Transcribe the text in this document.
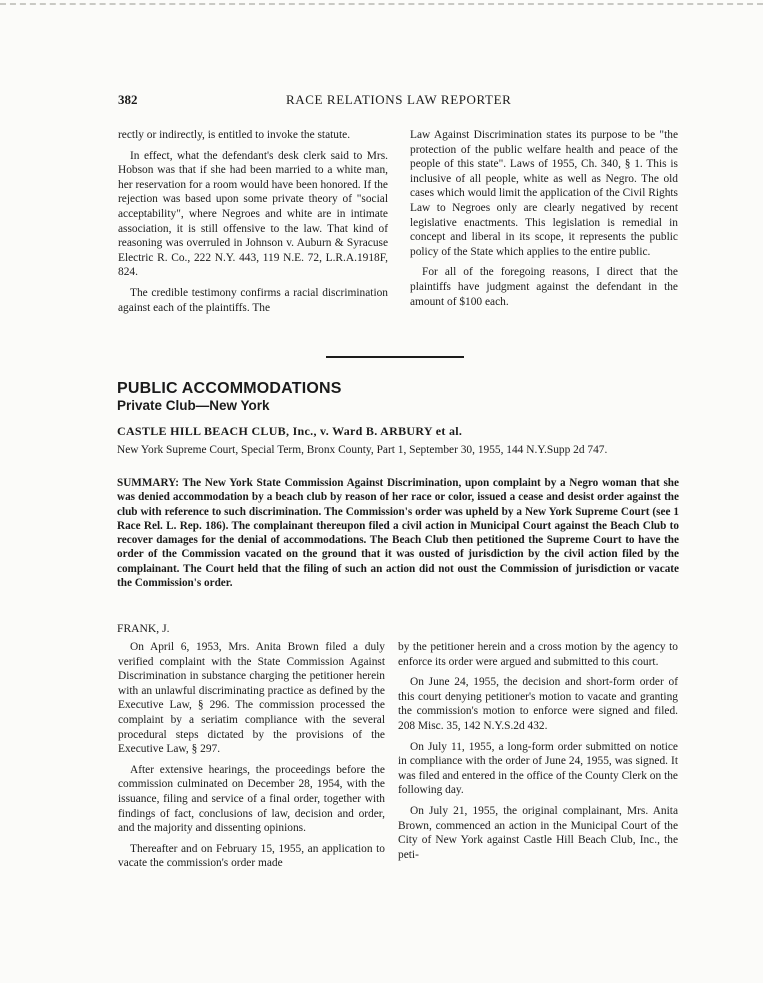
382	RACE RELATIONS LAW REPORTER

rectly or indirectly, is entitled to invoke the statute.

In effect, what the defendant's desk clerk said to Mrs. Hobson was that if she had been married to a white man, her reservation for a room would have been honored. If the rejection was based upon some private theory of "social acceptability", where Negroes and white are in intimate association, it is still offensive to the law. That kind of reasoning was overruled in Johnson v. Auburn & Syracuse Electric R. Co., 222 N.Y. 443, 119 N.E. 72, L.R.A.1918F, 824.

The credible testimony confirms a racial discrimination against each of the plaintiffs. The

Law Against Discrimination states its purpose to be "the protection of the public welfare health and peace of the people of this state". Laws of 1955, Ch. 340, § 1. This is inclusive of all people, white as well as Negro. The old cases which would limit the application of the Civil Rights Law to Negroes only are clearly negatived by recent legislative enactments. This legislation is remedial in concept and liberal in its scope, it represents the public policy of the State which applies to the entire public.

For all of the foregoing reasons, I direct that the plaintiffs have judgment against the defendant in the amount of $100 each.

PUBLIC ACCOMMODATIONS
Private Club—New York
CASTLE HILL BEACH CLUB, Inc., v. Ward B. ARBURY et al.
New York Supreme Court, Special Term, Bronx County, Part 1, September 30, 1955, 144 N.Y.Supp 2d 747.
SUMMARY: The New York State Commission Against Discrimination, upon complaint by a Negro woman that she was denied accommodation by a beach club by reason of her race or color, issued a cease and desist order against the club with reference to such discrimination. The Commission's order was upheld by a New York Supreme Court (see 1 Race Rel. L. Rep. 186). The complainant thereupon filed a civil action in Municipal Court against the Beach Club to recover damages for the denial of accommodations. The Beach Club then petitioned the Supreme Court to have the order of the Commission vacated on the ground that it was ousted of jurisdiction by the civil action filed by the complainant. The Court held that the filing of such an action did not oust the Commission of jurisdiction or vacate the Commission's order.
FRANK, J.

On April 6, 1953, Mrs. Anita Brown filed a duly verified complaint with the State Commission Against Discrimination in substance charging the petitioner herein with an unlawful discriminating practice as defined by the Executive Law, § 296. The commission processed the complaint by a seriatim compliance with the several procedural steps dictated by the provisions of the Executive Law, § 297.

After extensive hearings, the proceedings before the commission culminated on December 28, 1954, with the issuance, filing and service of a final order, together with findings of fact, conclusions of law, decision and order, and the majority and dissenting opinions.

Thereafter and on February 15, 1955, an application to vacate the commission's order made

by the petitioner herein and a cross motion by the agency to enforce its order were argued and submitted to this court.

On June 24, 1955, the decision and short-form order of this court denying petitioner's motion to vacate and granting the commission's motion to enforce were signed and filed. 208 Misc. 35, 142 N.Y.S.2d 432.

On July 11, 1955, a long-form order submitted on notice in compliance with the order of June 24, 1955, was signed. It was filed and entered in the office of the County Clerk on the following day.

On July 21, 1955, the original complainant, Mrs. Anita Brown, commenced an action in the Municipal Court of the City of New York against Castle Hill Beach Club, Inc., the peti-
